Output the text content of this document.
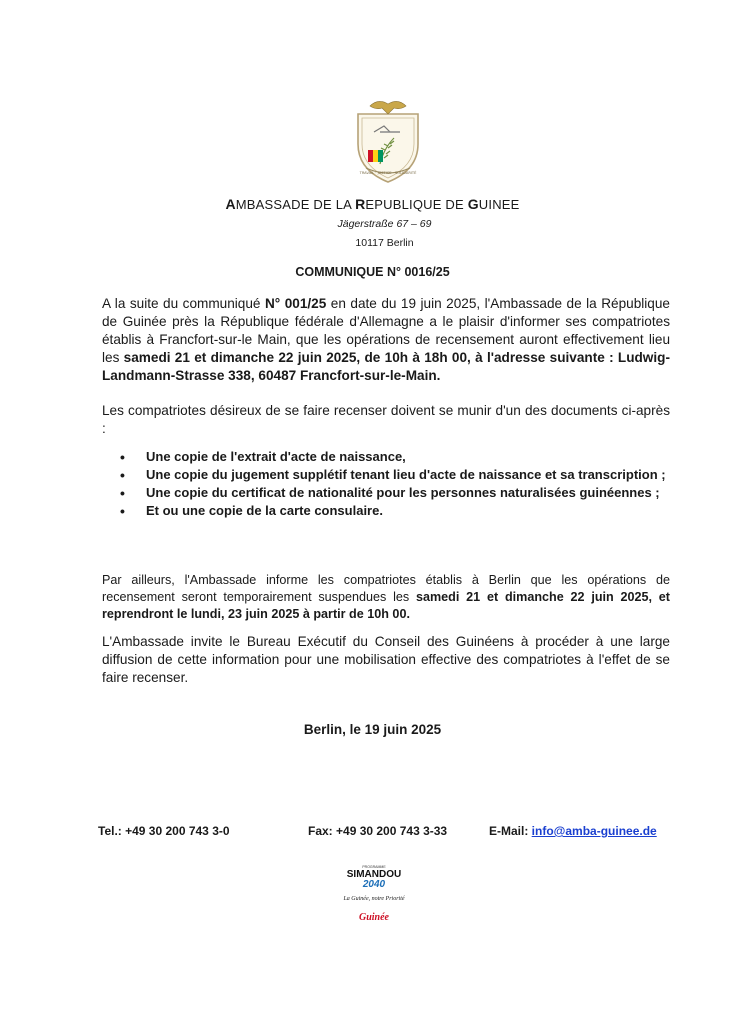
TRAVAIL · JUSTICE · SOLIDARITÉ
AMBASSADE DE LA REPUBLIQUE DE GUINEE
Jägerstraße 67 – 69
10117 Berlin
COMMUNIQUE N° 0016/25

A la suite du communiqué N° 001/25 en date du 19 juin 2025, l'Ambassade de la République de Guinée près la République fédérale d'Allemagne a le plaisir d'informer ses compatriotes établis à Francfort-sur-le Main, que les opérations de recensement auront effectivement lieu les samedi 21 et dimanche 22 juin 2025, de 10h à 18h 00, à l'adresse suivante : Ludwig-Landmann-Strasse 338, 60487 Francfort-sur-le-Main.

Les compatriotes désireux de se faire recenser doivent se munir d'un des documents ci-après :

• Une copie de l'extrait d'acte de naissance,
• Une copie du jugement supplétif tenant lieu d'acte de naissance et sa transcription ;
• Une copie du certificat de nationalité pour les personnes naturalisées guinéennes ;
• Et ou une copie de la carte consulaire.

Par ailleurs, l'Ambassade informe les compatriotes établis à Berlin que les opérations de recensement seront temporairement suspendues les samedi 21 et dimanche 22 juin 2025, et reprendront le lundi, 23 juin 2025 à partir de 10h 00.

L'Ambassade invite le Bureau Exécutif du Conseil des Guinéens à procéder à une large diffusion de cette information pour une mobilisation effective des compatriotes à l'effet de se faire recenser.

Berlin, le 19 juin 2025
Tel.: +49 30 200 743 3-0	Fax: +49 30 200 743 3-33	E-Mail: info@amba-guinee.de
PROGRAMME
SIMANDOU
2040
La Guinée, notre Priorité
Guinée
